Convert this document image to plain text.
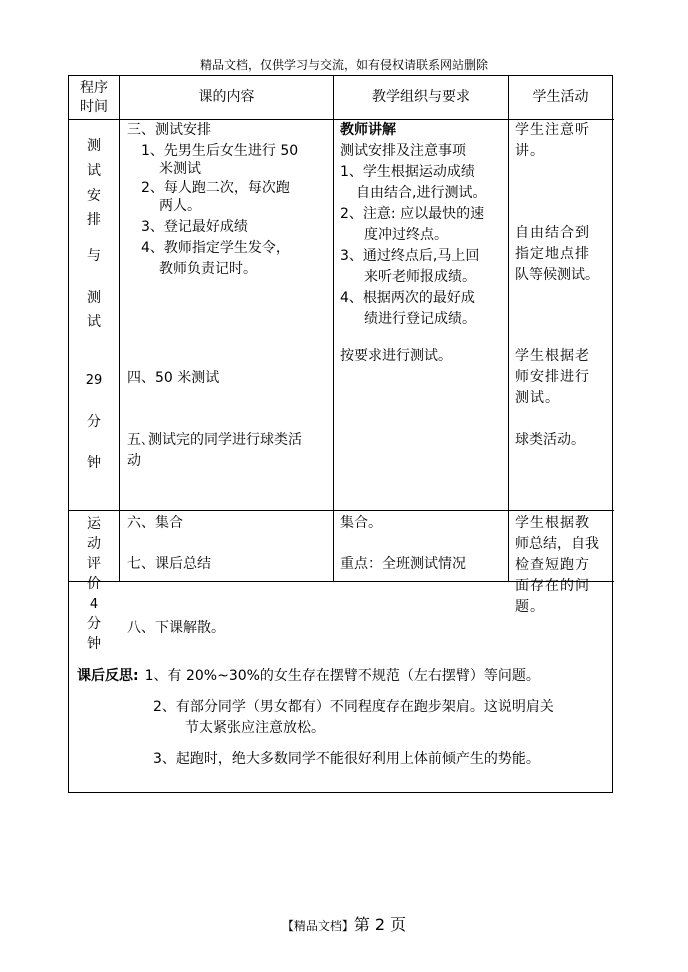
精品文档，仅供学习与交流，如有侵权请联系网站删除
程序
时间
课的内容	教学组织与要求	学生活动
测
试
安
排
与
测
试
29
分
钟
三、测试安排
1、先男生后女生进行 50
米测试
2、每人跑二次，每次跑
两人。
3、登记最好成绩
4、教师指定学生发令，
教师负责记时。
四、50 米测试
五､测试完的同学进行球类活
动
教师讲解
测试安排及注意事项
1、学生根据运动成绩
自由结合,进行测试。
2、注意: 应以最快的速
度冲过终点。
3、通过终点后,马上回
来听老师报成绩。
4、根据两次的最好成
绩进行登记成绩。
按要求进行测试。
学生注意听
讲。
自由结合到
指定地点排
队等候测试。
学生根据老
师安排进行
测试。
球类活动。
运
动
评
价
4
分
钟
六、集合
七、课后总结
八、下课解散。
集合。
重点：全班测试情况
学生根据教
师总结，自我
检查短跑方
面存在的问
题。
课后反思: 1、有 20%~30%的女生存在摆臂不规范（左右摆臂）等问题。
2、有部分同学（男女都有）不同程度存在跑步架肩。这说明肩关
节太紧张应注意放松。
3、起跑时，绝大多数同学不能很好利用上体前倾产生的势能。
【精品文档】第 2 页
